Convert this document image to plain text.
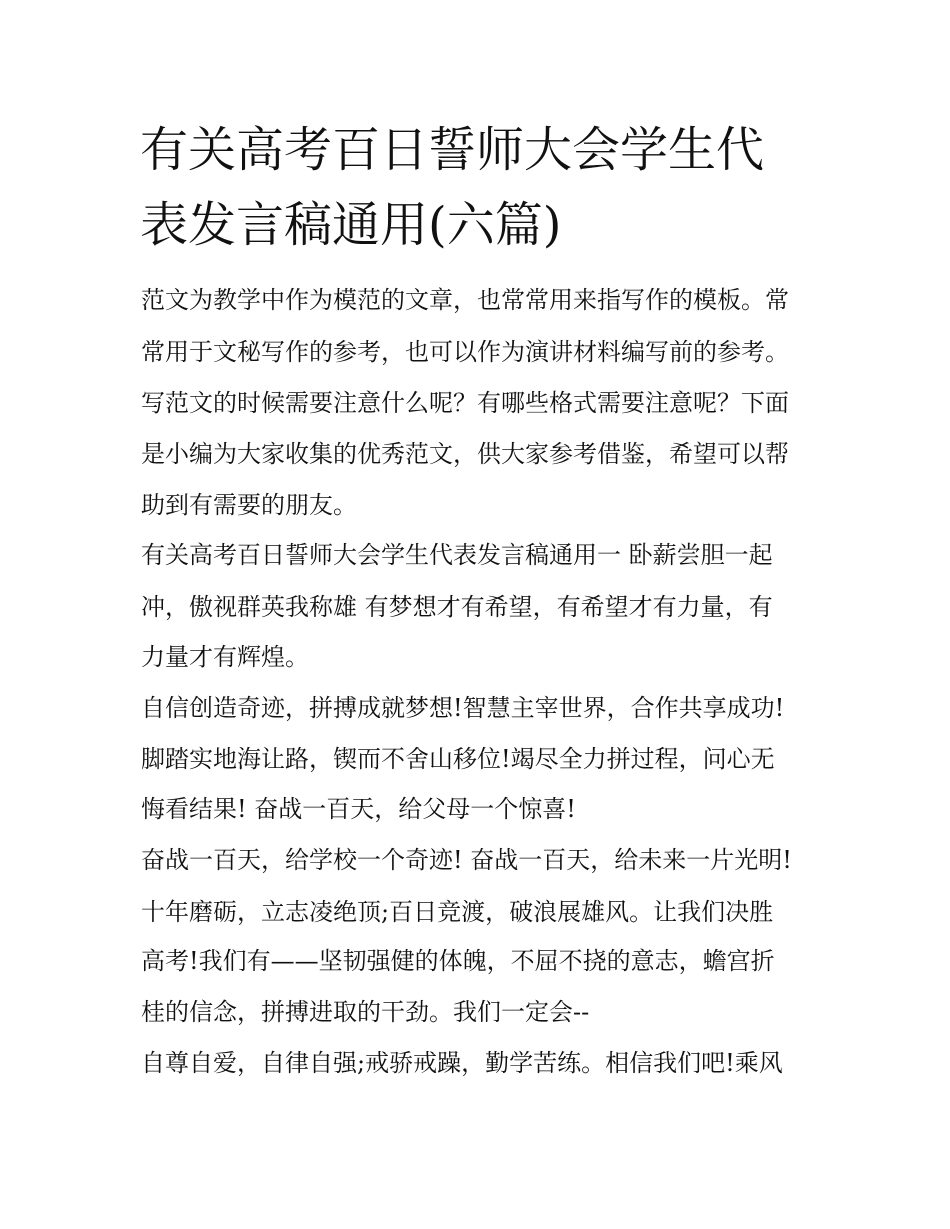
有关高考百日誓师大会学生代
表发言稿通用(六篇)
范文为教学中作为模范的文章，也常常用来指写作的模板。常
常用于文秘写作的参考，也可以作为演讲材料编写前的参考。
写范文的时候需要注意什么呢？有哪些格式需要注意呢？下面
是小编为大家收集的优秀范文，供大家参考借鉴，希望可以帮
助到有需要的朋友。
有关高考百日誓师大会学生代表发言稿通用一 卧薪尝胆一起
冲，傲视群英我称雄 有梦想才有希望，有希望才有力量，有
力量才有辉煌。
自信创造奇迹，拼搏成就梦想!智慧主宰世界，合作共享成功!
脚踏实地海让路，锲而不舍山移位!竭尽全力拼过程，问心无
悔看结果! 奋战一百天，给父母一个惊喜!
奋战一百天，给学校一个奇迹! 奋战一百天，给未来一片光明!
十年磨砺，立志凌绝顶;百日竞渡，破浪展雄风。让我们决胜
高考!我们有——坚韧强健的体魄，不屈不挠的意志，蟾宫折
桂的信念，拼搏进取的干劲。我们一定会--
自尊自爱，自律自强;戒骄戒躁，勤学苦练。相信我们吧!乘风
